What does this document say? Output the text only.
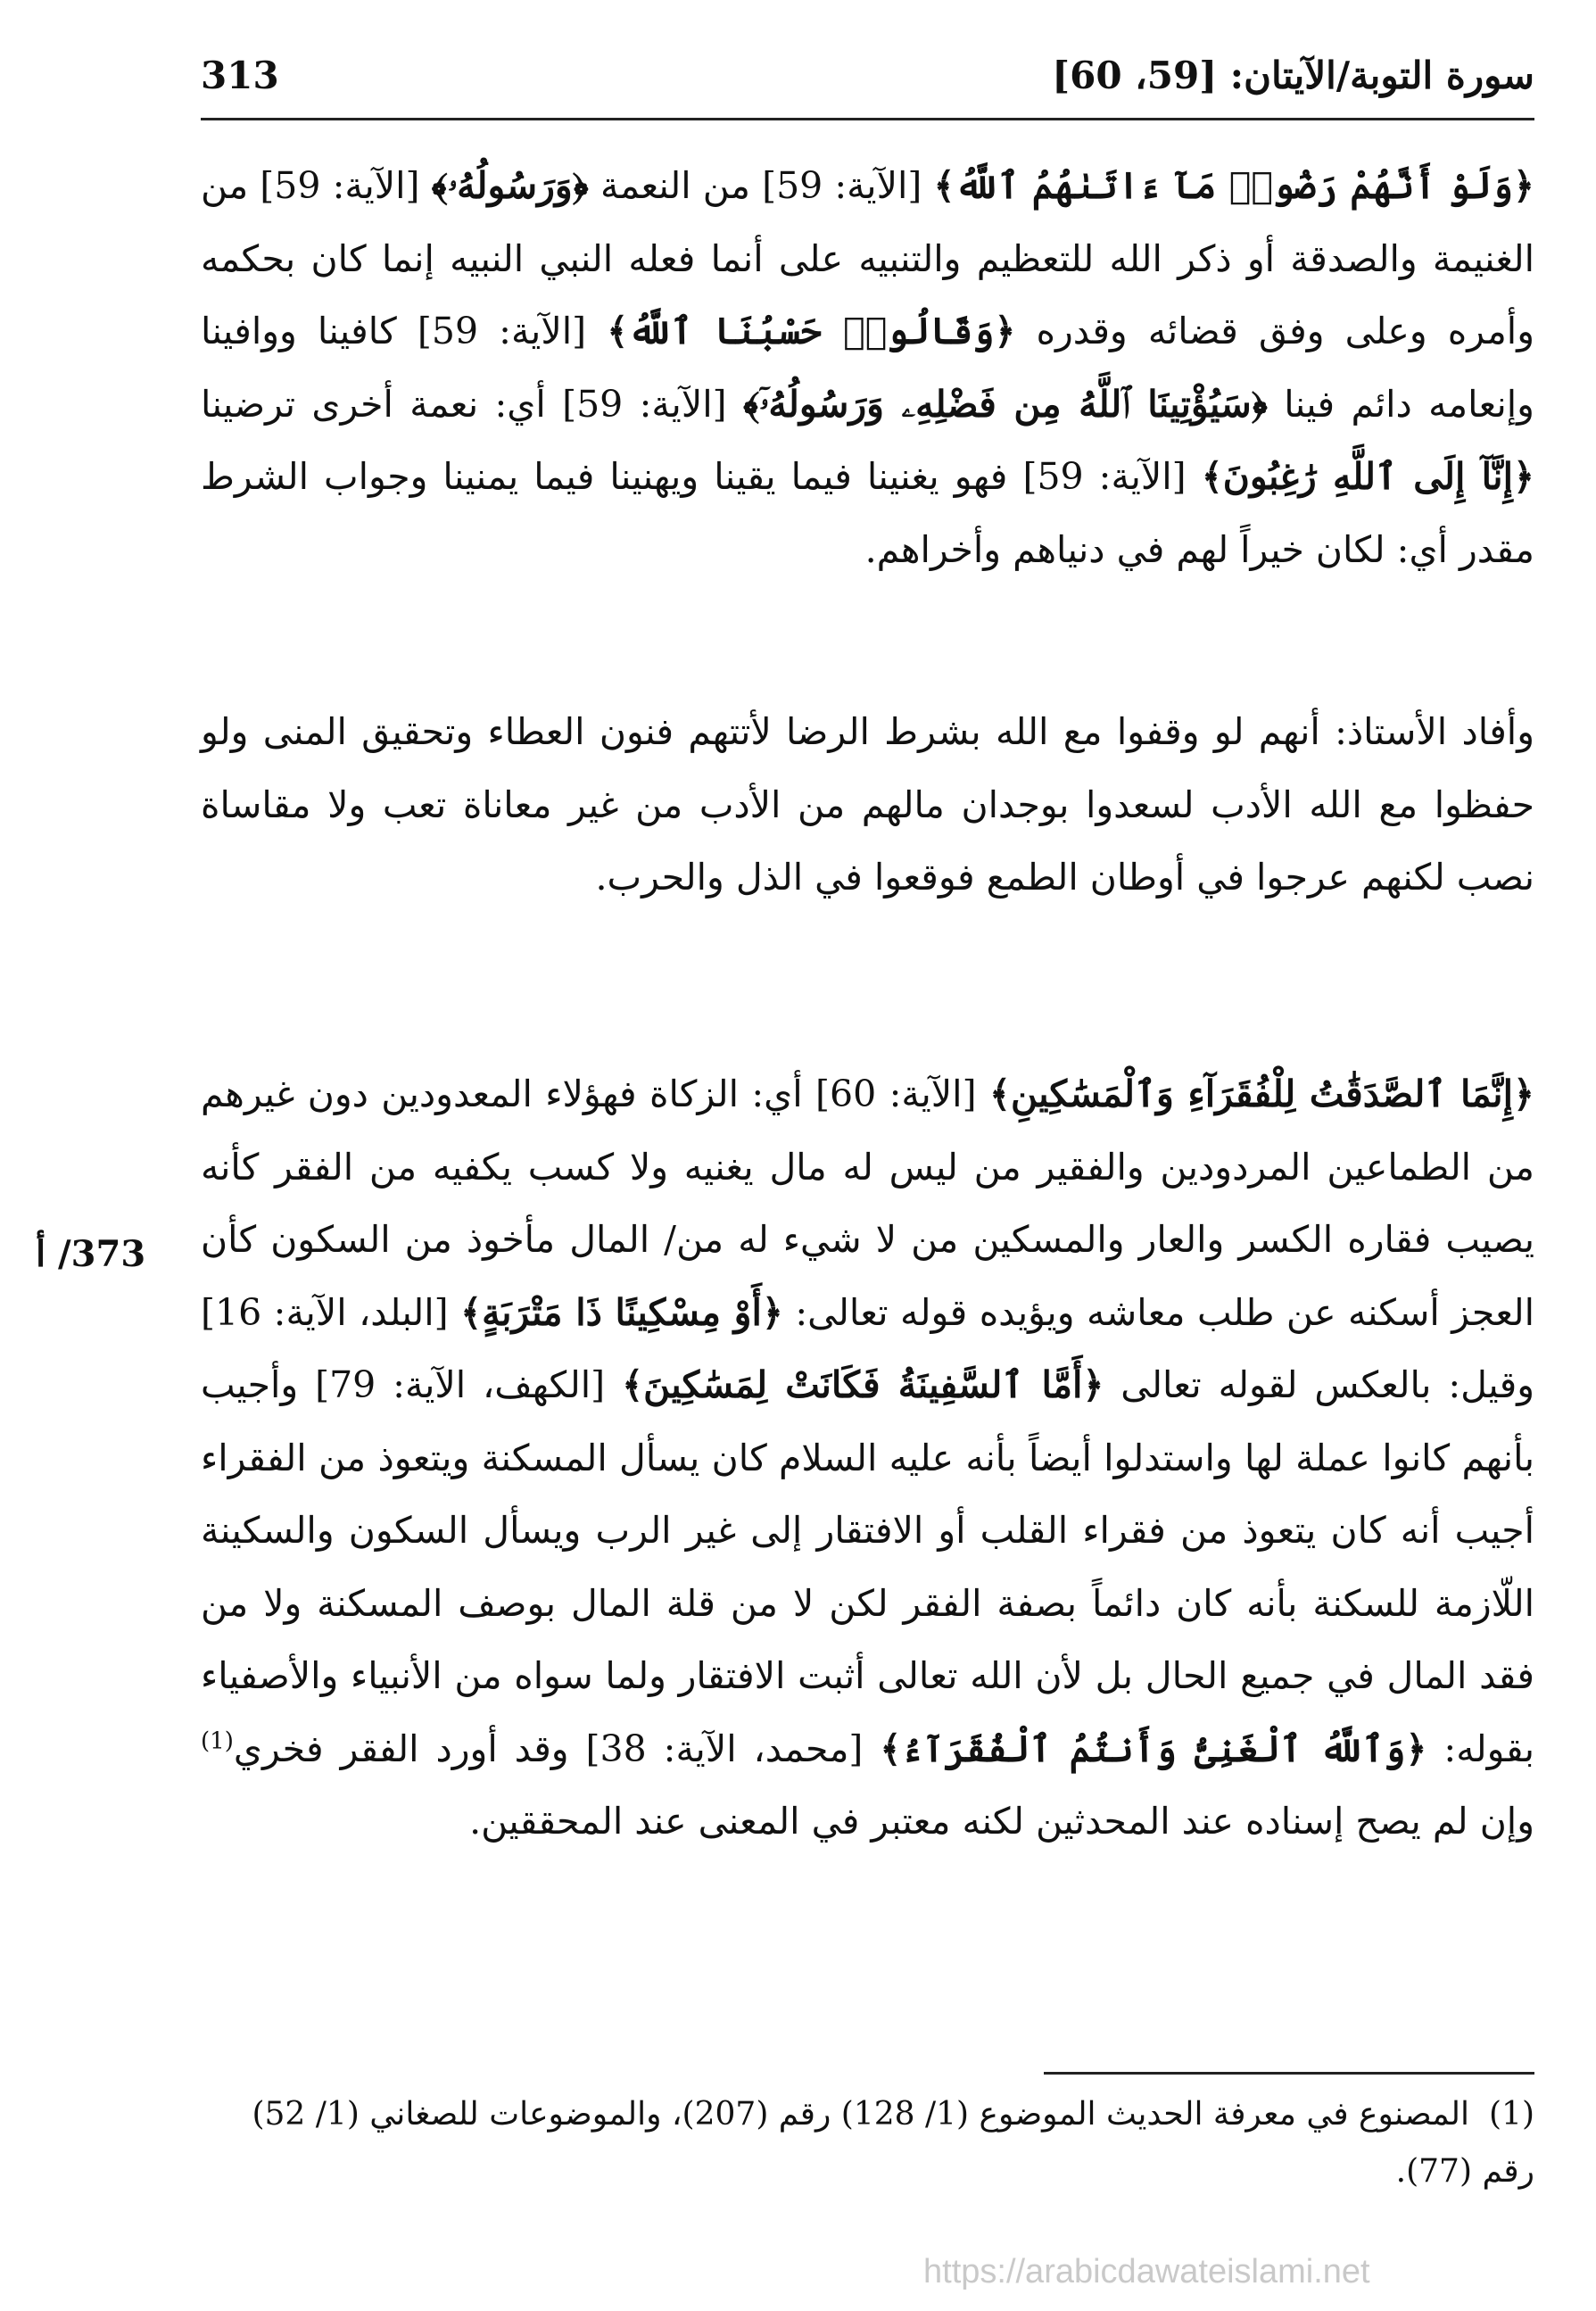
سورة التوبة/الآيتان: [59، 60]
313

﴿وَلَوْ أَنَّهُمْ رَضُوا۟ مَآ ءَاتَىٰهُمُ ٱللَّهُ﴾ [الآية: 59] من النعمة ﴿وَرَسُولُهُۥ﴾ [الآية: 59] من الغنيمة والصدقة أو ذكر الله للتعظيم والتنبيه على أنما فعله النبي النبيه إنما كان بحكمه وأمره وعلى وفق قضائه وقدره ﴿وَقَالُوا۟ حَسْبُنَا ٱللَّهُ﴾ [الآية: 59] كافينا ووافينا وإنعامه دائم فينا ﴿سَيُؤْتِينَا ٱللَّهُ مِن فَضْلِهِۦ وَرَسُولُهُۥٓ﴾ [الآية: 59] أي: نعمة أخرى ترضينا ﴿إِنَّآ إِلَى ٱللَّهِ رَٰغِبُونَ﴾ [الآية: 59] فهو يغنينا فيما يقينا ويهنينا فيما يمنينا وجواب الشرط مقدر أي: لكان خيراً لهم في دنياهم وأخراهم.

وأفاد الأستاذ: أنهم لو وقفوا مع الله بشرط الرضا لأتتهم فنون العطاء وتحقيق المنى ولو حفظوا مع الله الأدب لسعدوا بوجدان مالهم من الأدب من غير معاناة تعب ولا مقاساة نصب لكنهم عرجوا في أوطان الطمع فوقعوا في الذل والحرب.

﴿إِنَّمَا ٱلصَّدَقَٰتُ لِلْفُقَرَآءِ وَٱلْمَسَٰكِينِ﴾ [الآية: 60] أي: الزكاة فهؤلاء المعدودين دون غيرهم من الطماعين المردودين والفقير من ليس له مال يغنيه ولا كسب يكفيه من الفقر كأنه يصيب فقاره الكسر والعار والمسكين من لا شيء له من/ المال مأخوذ من السكون كأن العجز أسكنه عن طلب معاشه ويؤيده قوله تعالى: ﴿أَوْ مِسْكِينًا ذَا مَتْرَبَةٍ﴾ [البلد، الآية: 16] وقيل: بالعكس لقوله تعالى ﴿أَمَّا ٱلسَّفِينَةُ فَكَانَتْ لِمَسَٰكِينَ﴾ [الكهف، الآية: 79] وأجيب بأنهم كانوا عملة لها واستدلوا أيضاً بأنه عليه السلام كان يسأل المسكنة ويتعوذ من الفقراء أجيب أنه كان يتعوذ من فقراء القلب أو الافتقار إلى غير الرب ويسأل السكون والسكينة اللّازمة للسكنة بأنه كان دائماً بصفة الفقر لكن لا من قلة المال بوصف المسكنة ولا من فقد المال في جميع الحال بل لأن الله تعالى أثبت الافتقار ولما سواه من الأنبياء والأصفياء بقوله: ﴿وَٱللَّهُ ٱلْغَنِىُّ وَأَنتُمُ ٱلْفُقَرَآءُ﴾ [محمد، الآية: 38] وقد أورد الفقر فخري$^{(1)}$ وإن لم يصح إسناده عند المحدثين لكنه معتبر في المعنى عند المحققين.

373/ أ

(1)المصنوع في معرفة الحديث الموضوع (1/ 128) رقم (207)، والموضوعات للصغاني (1/ 52) رقم (77).

https://arabicdawateislami.net
